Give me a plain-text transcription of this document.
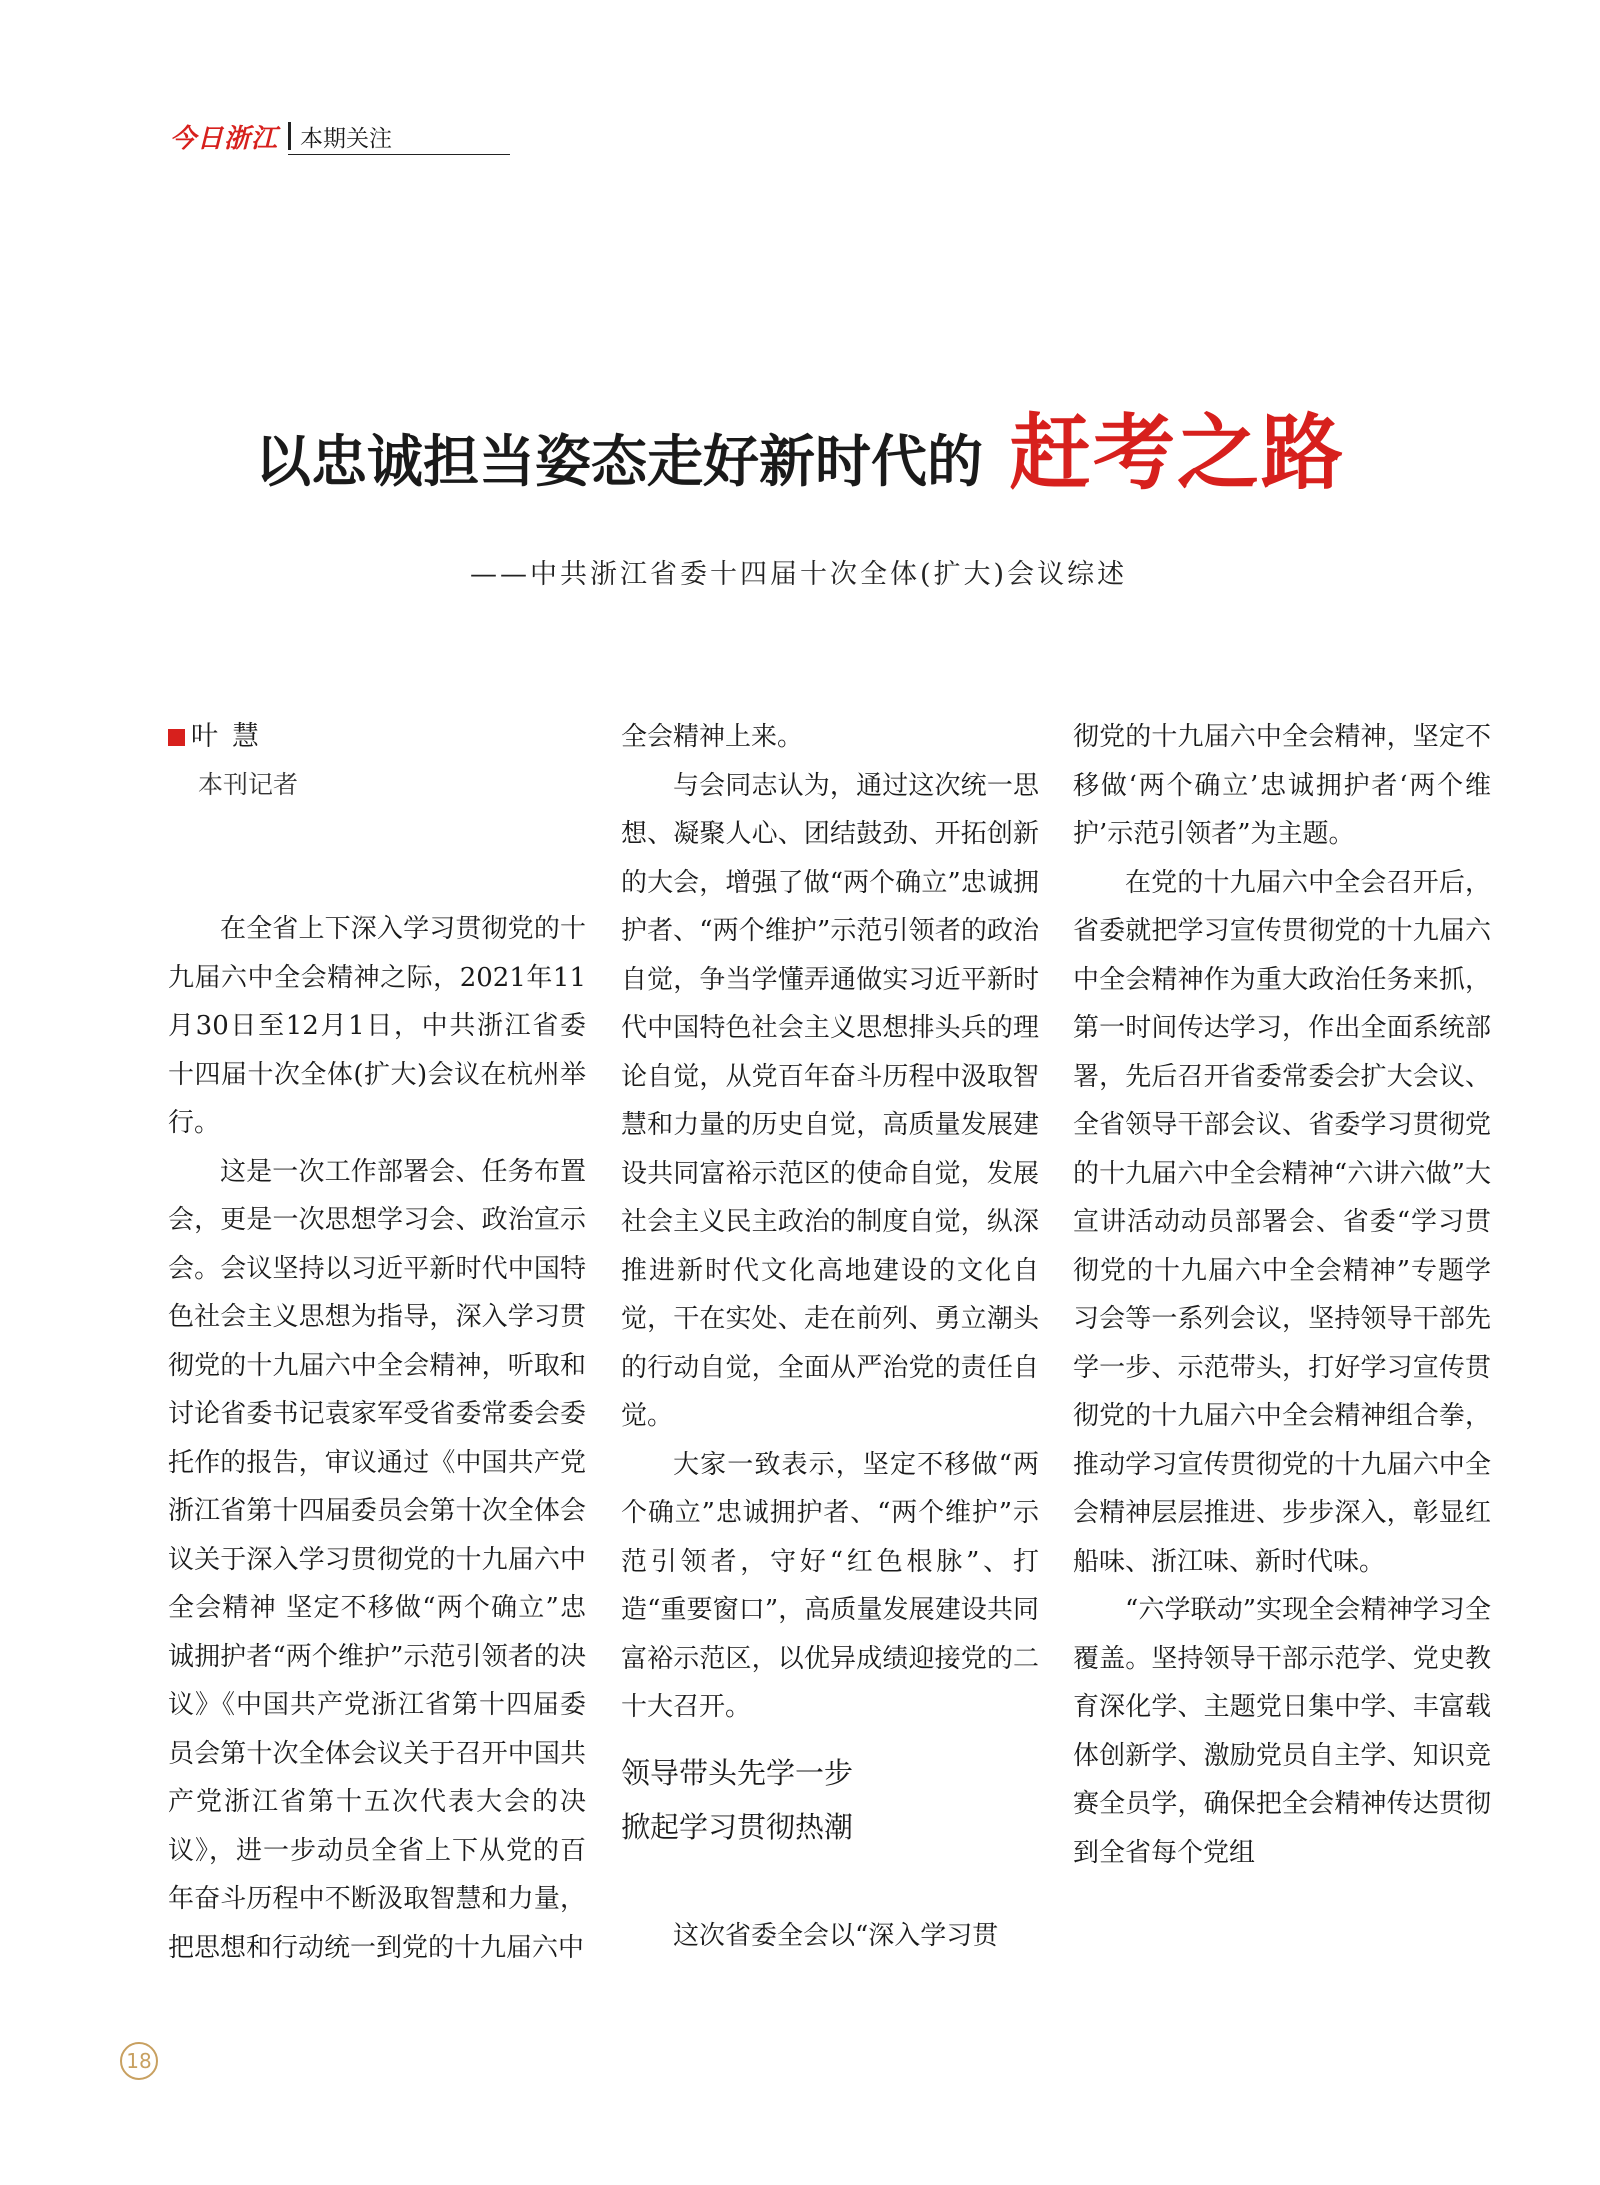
今日浙江 本期关注
以忠诚担当姿态走好新时代的 赶考之路
——中共浙江省委十四届十次全体(扩大)会议综述
叶慧
本刊记者

在全省上下深入学习贯彻党的十九届六中全会精神之际，2021年11月30日至12月1日，中共浙江省委十四届十次全体(扩大)会议在杭州举行。

这是一次工作部署会、任务布置会，更是一次思想学习会、政治宣示会。会议坚持以习近平新时代中国特色社会主义思想为指导，深入学习贯彻党的十九届六中全会精神，听取和讨论省委书记袁家军受省委常委会委托作的报告，审议通过《中国共产党浙江省第十四届委员会第十次全体会议关于深入学习贯彻党的十九届六中全会精神 坚定不移做“两个确立”忠诚拥护者“两个维护”示范引领者的决议》《中国共产党浙江省第十四届委员会第十次全体会议关于召开中国共产党浙江省第十五次代表大会的决议》，进一步动员全省上下从党的百年奋斗历程中不断汲取智慧和力量，把思想和行动统一到党的十九届六中

全会精神上来。

与会同志认为，通过这次统一思想、凝聚人心、团结鼓劲、开拓创新的大会，增强了做“两个确立”忠诚拥护者、“两个维护”示范引领者的政治自觉，争当学懂弄通做实习近平新时代中国特色社会主义思想排头兵的理论自觉，从党百年奋斗历程中汲取智慧和力量的历史自觉，高质量发展建设共同富裕示范区的使命自觉，发展社会主义民主政治的制度自觉，纵深推进新时代文化高地建设的文化自觉，干在实处、走在前列、勇立潮头的行动自觉，全面从严治党的责任自觉。

大家一致表示，坚定不移做“两个确立”忠诚拥护者、“两个维护”示范引领者，守好“红色根脉”、打造“重要窗口”，高质量发展建设共同富裕示范区，以优异成绩迎接党的二十大召开。

领导带头先学一步
掀起学习贯彻热潮

这次省委全会以“深入学习贯

彻党的十九届六中全会精神，坚定不移做‘两个确立’忠诚拥护者‘两个维护’示范引领者”为主题。

在党的十九届六中全会召开后，省委就把学习宣传贯彻党的十九届六中全会精神作为重大政治任务来抓，第一时间传达学习，作出全面系统部署，先后召开省委常委会扩大会议、全省领导干部会议、省委学习贯彻党的十九届六中全会精神“六讲六做”大宣讲活动动员部署会、省委“学习贯彻党的十九届六中全会精神”专题学习会等一系列会议，坚持领导干部先学一步、示范带头，打好学习宣传贯彻党的十九届六中全会精神组合拳，推动学习宣传贯彻党的十九届六中全会精神层层推进、步步深入，彰显红船味、浙江味、新时代味。

“六学联动”实现全会精神学习全覆盖。坚持领导干部示范学、党史教育深化学、主题党日集中学、丰富载体创新学、激励党员自主学、知识竞赛全员学，确保把全会精神传达贯彻到全省每个党组

18
